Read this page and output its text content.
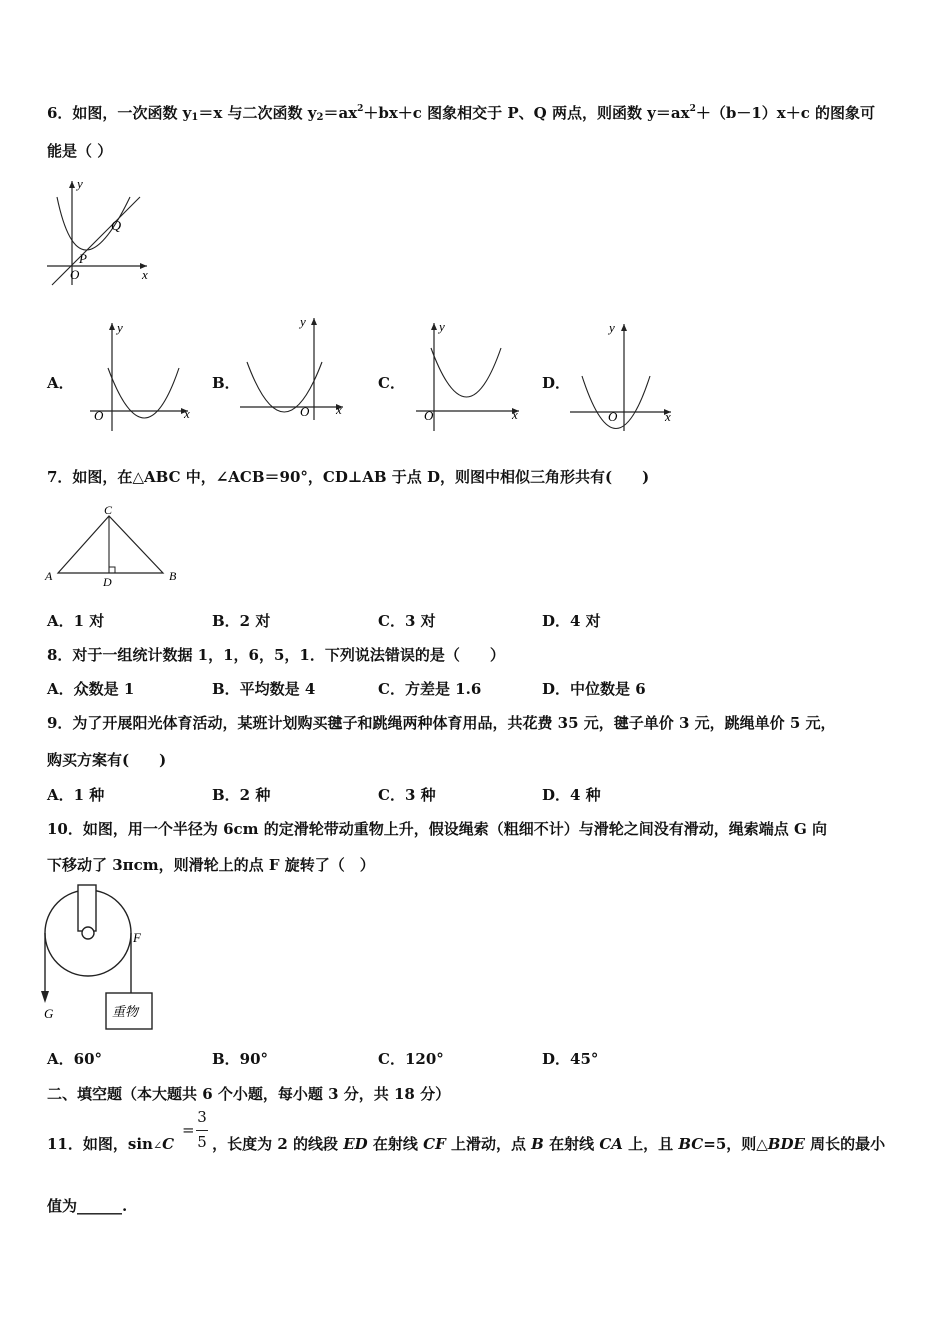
6．如图，一次函数 $y_1=x$ 与二次函数 $y_2=ax^2+bx+c$ 图象相交于 P、Q 两点，则函数 $y=ax^2+(b-1)x+c$ 的图象可
能是（ ）
y
x
O
P
Q
A．
y
x
O
B．
y
x
O
C．
y
x
O
D．
y
x
O
7．如图，在△ABC 中，∠ACB＝90°，CD⊥AB 于点 D，则图中相似三角形共有(　　)
C
A	B
D
A．1 对	B．2 对	C．3 对	D．4 对
8．对于一组统计数据 1，1，6，5，1．下列说法错误的是（　　）
A．众数是 1	B．平均数是 4	C．方差是 1.6	D．中位数是 6
9．为了开展阳光体育活动，某班计划购买毽子和跳绳两种体育用品，共花费 35 元，毽子单价 3 元，跳绳单价 5 元，
购买方案有(　　)
A．1 种	B．2 种	C．3 种	D．4 种
10．如图，用一个半径为 6cm 的定滑轮带动重物上升，假设绳索（粗细不计）与滑轮之间没有滑动，绳索端点 G 向
下移动了 3πcm，则滑轮上的点 F 旋转了（　）
F
G	重物
A．60°	B．90°	C．120°	D．45°
二、填空题（本大题共 6 个小题，每小题 3 分，共 18 分）
11．如图，sin∠C	，长度为 2 的线段 ED 在射线 CF 上滑动，点 B 在射线 CA 上，且 BC=5，则△BDE 周长的最小
=
3
5
值为______.
